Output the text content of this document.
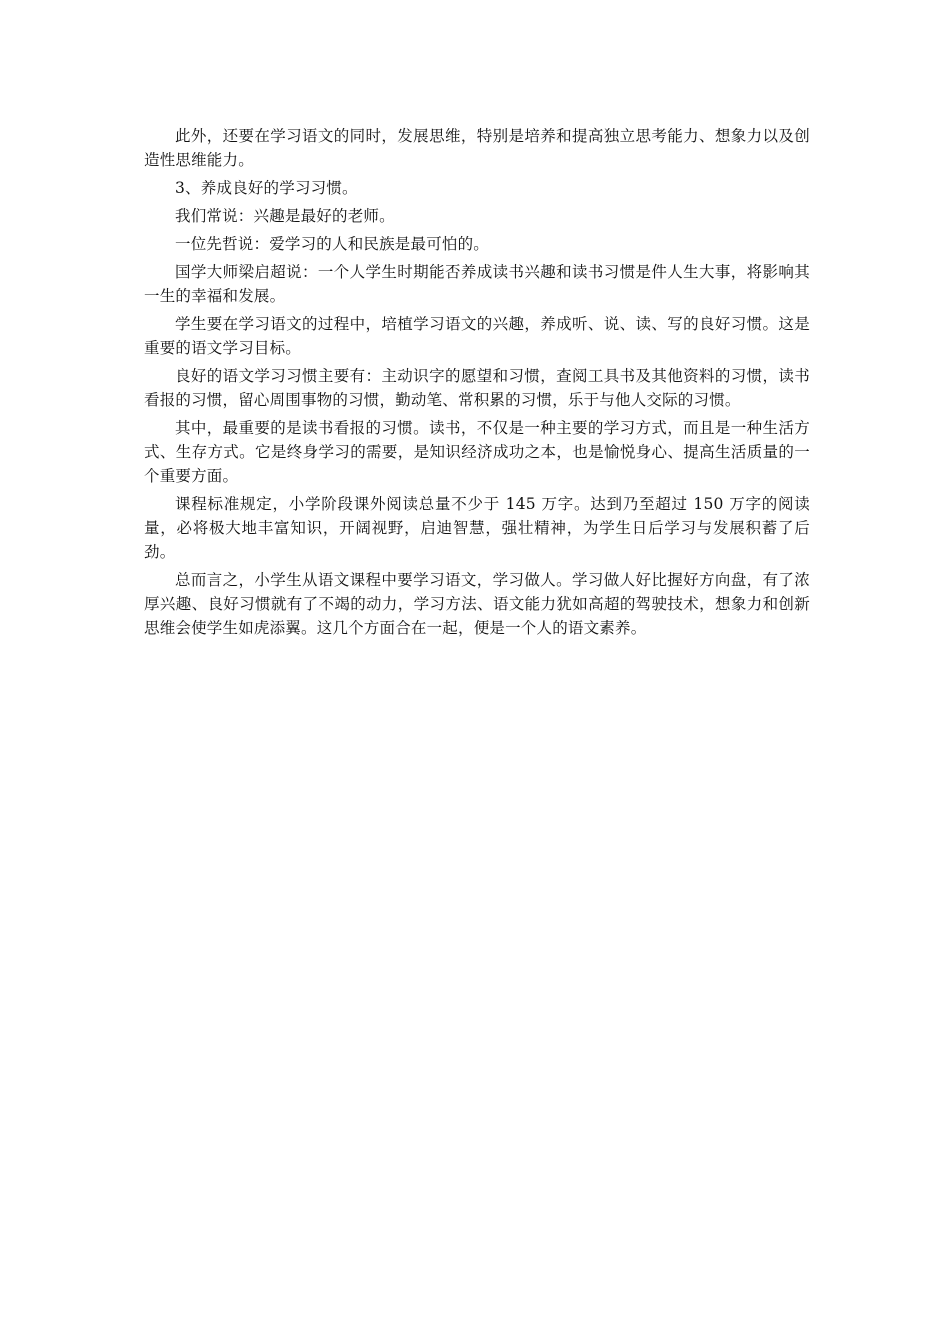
此外，还要在学习语文的同时，发展思维，特别是培养和提高独立思考能力、想象力以及创造性思维能力。

3、养成良好的学习习惯。

我们常说：兴趣是最好的老师。

一位先哲说：爱学习的人和民族是最可怕的。

国学大师梁启超说：一个人学生时期能否养成读书兴趣和读书习惯是件人生大事，将影响其一生的幸福和发展。

学生要在学习语文的过程中，培植学习语文的兴趣，养成听、说、读、写的良好习惯。这是重要的语文学习目标。

良好的语文学习习惯主要有：主动识字的愿望和习惯，查阅工具书及其他资料的习惯，读书看报的习惯，留心周围事物的习惯，勤动笔、常积累的习惯，乐于与他人交际的习惯。

其中，最重要的是读书看报的习惯。读书，不仅是一种主要的学习方式，而且是一种生活方式、生存方式。它是终身学习的需要，是知识经济成功之本，也是愉悦身心、提高生活质量的一个重要方面。

课程标准规定，小学阶段课外阅读总量不少于 145 万字。达到乃至超过 150 万字的阅读量，必将极大地丰富知识，开阔视野，启迪智慧，强壮精神，为学生日后学习与发展积蓄了后劲。

总而言之，小学生从语文课程中要学习语文，学习做人。学习做人好比握好方向盘，有了浓厚兴趣、良好习惯就有了不竭的动力，学习方法、语文能力犹如高超的驾驶技术，想象力和创新思维会使学生如虎添翼。这几个方面合在一起，便是一个人的语文素养。
